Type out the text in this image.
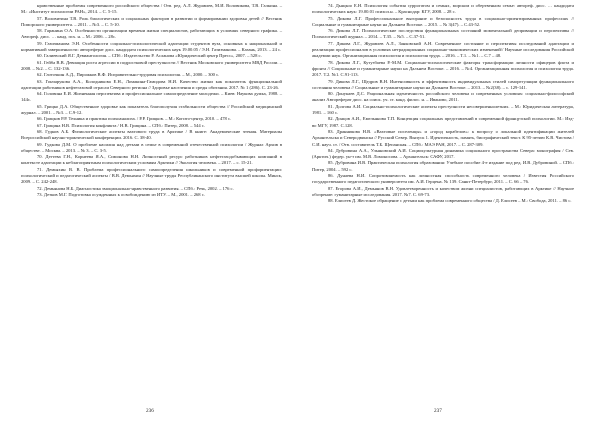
нравственные проблемы современного российского общества / Отв. ред. А.Л. Журавлев, М.И. Воловикова, Т.В. Галкина. – М.: «Институт психологии РАН», 2014. – С. 5-15.

57. Воловитина Т.В. Роль биологических и социальных факторов в развитии и формировании здоровья детей // Вестник Поморского университета. – 2011. – №3. – С. 5-10.

58. Гаранина О.А. Особенности организации времени жизни специалистов, работающих в условиях северного графика. – Автореф. дисс. … канд. псх. н. – М.: 2006. – 28с.

59. Газизманова Э.Н. Особенности социально-психологической адаптации студентов вуза, основных к национальной и нормативной завершенности: автореферат дисс. кандидата психологических наук 19.00.05 / Э.Н. Газизманова. – Казань, 2013. – 24 с.

60. Галиевский Я.Г. Девиантология. – СПб.: Издательство Р. Асланова «Юридический центр Пресс», 2007. – 528 с.

61. Гейба В.В. Девиация роста агрессии в подростковой преступности // Вестник Московского университета МВД России. – 2008. – №2. – С. 132-136.

62. Глоточкин А.Д., Пирожков В.Ф. Исправительно-трудовая психология. – М., 2000. – 300 с.

63. Гончарукова А.А., Колодникова Е.Н., Ломакина-Гамидова Н.И. Качество жизни как показатель функциональной адаптации работников нефтегазовой отрасли Северного региона // Здоровье населения и среды обитания. 2017. № 1 (286). С. 23-26.

64. Головина Е.И. Жизненная перспектива и профессиональное самоопределение молодежи. – Киев: Наукова думка, 1988. – 144с.

65. Грицко Д.А. Общественное здоровье как показатель благополучия стабильности общества // Российский медицинский журнал. – 2001. – №3. – С.9-12.

66. Грицков Р.Р. Техника и практика психоанализа. / Р.Р. Грицков. – М.: Когито-центр, 2010. – 478 с.

67. Грицина Н.В. Психология конфликта / Н.В. Грицина. – СПб.: Питер, 2008. – 544 с.

68. Гудков А.Б. Физиологические аспекты вахтового труда в Арктике / В книге: Академические чтения. Материалы Всероссийской научно-практической конференции. 2016. С. 38-40.

69. Гудкова Д.М. О проблеме насилия над детьми в семье в современной отечественной психологии / Журнал Архив в обществе. – Москва. – 2013. – № 3. – С. 3-5.

70. Дегтева Г.Н., Корнеева Я.А., Симонова Н.Н. Личностный ресурс работников нефтегазодобывающих компаний в контексте адаптации к неблагоприятным психологическим условиям Арктики // Экология человека. – 2017. – с. 15-21.

71. Демьяхин В. В. Проблема профессионального самоопределения школьников и современной профориентации: психологический и педагогический аспекты / В.В. Демьяхин // Научные труды Республиканского института высшей школы. Минск, 2009. – С. 242-248.

72. Демьянова Н.Б. Диагностика эмоционально-нравственного развития. – СПб.: Речь, 2002. – 176 с.

73. Детков М.Г. Подготовка осужденных к освобождению из ИТУ. – М., 2001. – 268 с.

236

74. Дьяцкоо Е.Н. Психология события суррогатом и семьях, морском и обертвенном семье: автореф. дисс. … кандидата психологических наук: 19.00.01 психол.н. – Краснодар: КГУ, 2008. – 28 с.

75. Дикова Л.Г. Профессиональное выгорание и безопасность труда в социально-ориентированных профессиях // Социальные и гуманитарные науки на Дальнем Востоке. – 2015. – № 3(47). – С.43-52.

76. Дикова Л.Г. Психологические последствия функциональных состояний моментальной депривации и перспективы // Психологический журнал. – 2014. – Т.35. – №5. – С.37-51.

77. Дикова Л.Г., Журавлев А.Л., Занковский А.Н. Современное состояние и перспективы исследований адаптации и реализации профессионалов в условиях нетрадиционных социально-экономических изменений// Научные исследования Российской академии наук. Организационная психология и психология труда. – 2016. – Т.1. – №1. – С.7 – 48.

78. Дикова Л.Г., Кутузбаева Р.-М.М. Социально-психологические факторы трансформации личности офицеров флота и фронта // Социальные и гуманитарные науки на Дальнем Востоке. – 2016. – №4. Организационная психология и психология труда. 2017. Т.2. №1. С.91-113.

79. Дикова Л.Г., Щедров В.Н. Интенсивность и эффективность индивидуальных стилей саморегуляции функционального состояния человека // Социальные и гуманитарные науки на Дальнем Востоке. – 2013. – №2(38). – с. 129-141.

80. Донукаев Д.С. Рациональная идентичность российского человека и современных условиях: социально-философский анализ Автореферат дисс. на соиск. уч. ст. канд. филос. н. – Иваново, 2011.

81. Долгова А.И. Социально-психологические аспекты преступности несовершеннолетних. – М.: Юридическая литература, 1981. – 160 с.

82. Донцов А.И., Емельянова Т.П. Концепция социальных представлений в современной французской психологии. М.: Изд-во МГУ, 1987. С.128.

83. Дранникова Н.В. «Вахтовые поселенцы» и «город корабелов»: к вопросу о локальной идентификации жителей Архангельска и Северодвинска // Русский Север. Выпуск 1. Идентичность, память, биографический текст. К 95-летию К.В. Чистова / С.И. науч. ст. / Отв. составитель Т.Б. Щепанская. – СПб.: МАЭ РАН, 2017. – С. 287-309.

84. Дубровина А.А., Ульяновский А.И. Социокультурная динамика социального пространства Севера: монография / Сев. (Арктич.) федер. ун-т им. М.В. Ломоносова. – Архангельск: САФУ, 2017.

85. Дубровина И.В. Практическая психология образования: Учебное пособие 4-е издание под ред. И.В. Дубровиной. – СПб.: Питер, 2004. – 592 с.

86. Дунаева Н.И. Сопротивляемость как личностная способность современного человека / Известия Российского государственного педагогического университета им. А.И. Герцена. № 139. Санкт-Петербург, 2011. – С. 66 – 76.

87. Егорова А.И., Демьянов В.Н. Удовлетворенность и качеством жизни специалистов, работающих в Арктике // Научное обозрение: гуманитарные исследования. 2017. №7. С. 69-73.

88. Елисеев Д. Жестокое обращение с детьми как проблема современного общества / Д. Елисеев – М.: Свобода, 2011. – 86 с.

237
